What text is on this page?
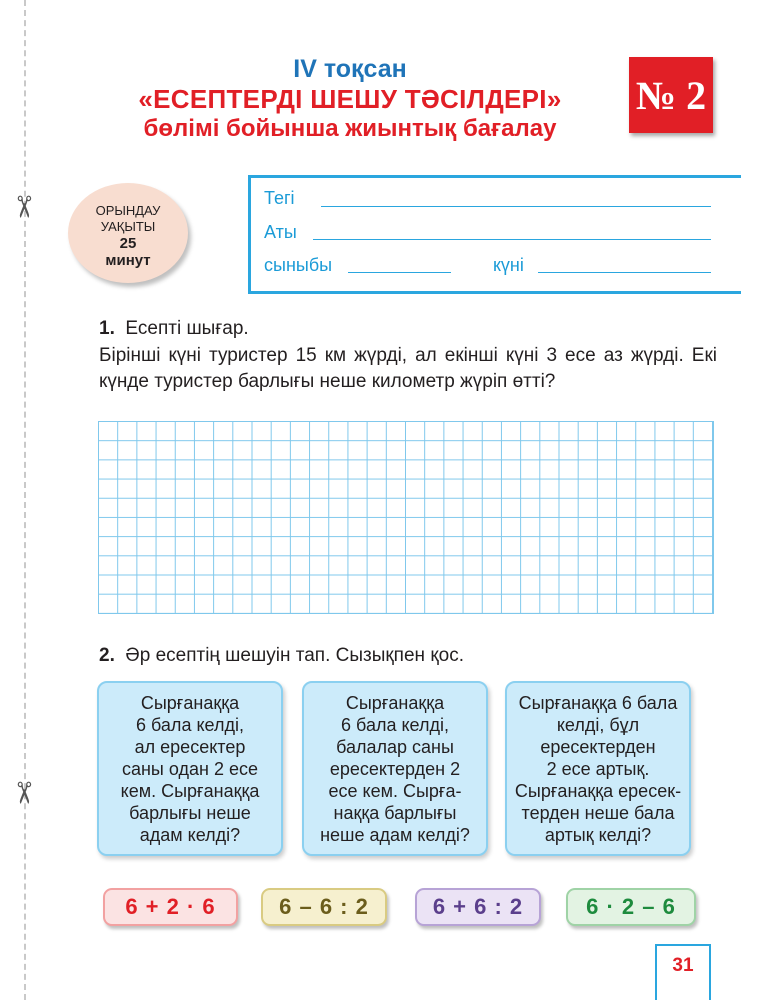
✂
✂
IV тоқсан
«ЕСЕПТЕРДІ ШЕШУ ТӘСІЛДЕРІ»
бөлімі бойынша жиынтық бағалау
№ 2
ОРЫНДАУ
УАҚЫТЫ
25
минут
Тегі
Аты
сыныбы	күні
1. Есепті шығар.
Бірінші күні туристер 15 км жүрді, ал екінші күні 3 есе аз жүрді. Екі күнде туристер барлығы неше километр жүріп өтті?
2. Әр есептің шешуін тап. Сызықпен қос.
Сырғанаққа
6 бала келді,
ал ересектер
саны одан 2 есе
кем. Сырғанаққа
барлығы неше
адам келді?
Сырғанаққа
6 бала келді,
балалар саны
ересектерден 2
есе кем. Сырға-
наққа барлығы
неше адам келді?
Сырғанаққа 6 бала
келді, бұл
ересектерден
2 есе артық.
Сырғанаққа ересек-
терден неше бала
артық келді?
6 + 2 · 6	6 – 6 : 2	6 + 6 : 2	6 · 2 – 6
31
